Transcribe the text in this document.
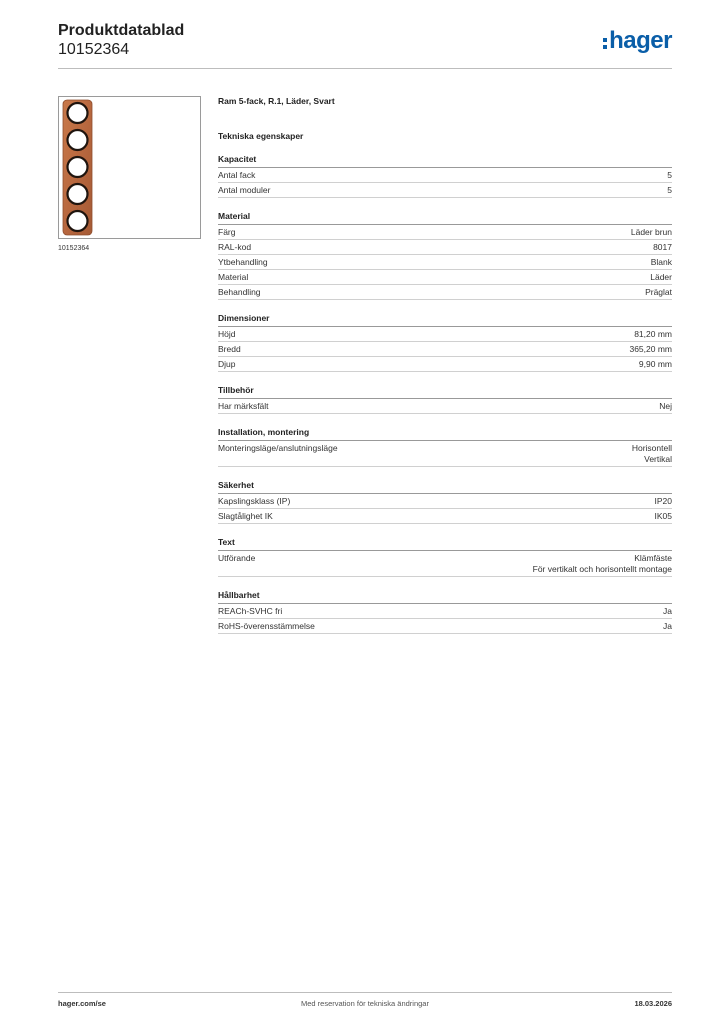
Produktdatablad
10152364	hager
10152364
Ram 5-fack, R.1, Läder, Svart
Tekniska egenskaper
Kapacitet
Antal fack	5
Antal moduler	5
Material
Färg	Läder brun
RAL-kod	8017
Ytbehandling	Blank
Material	Läder
Behandling	Präglat
Dimensioner
Höjd	81,20 mm
Bredd	365,20 mm
Djup	9,90 mm
Tillbehör
Har märksfält	Nej
Installation, montering
Monteringsläge/anslutningsläge	Horisontell
Vertikal
Säkerhet
Kapslingsklass (IP)	IP20
Slagtålighet IK	IK05
Text
Utförande	Klämfäste
För vertikalt och horisontellt montage
Hållbarhet
REACh-SVHC fri	Ja
RoHS-överensstämmelse	Ja
hager.com/se	Med reservation för tekniska ändringar	18.03.2026
